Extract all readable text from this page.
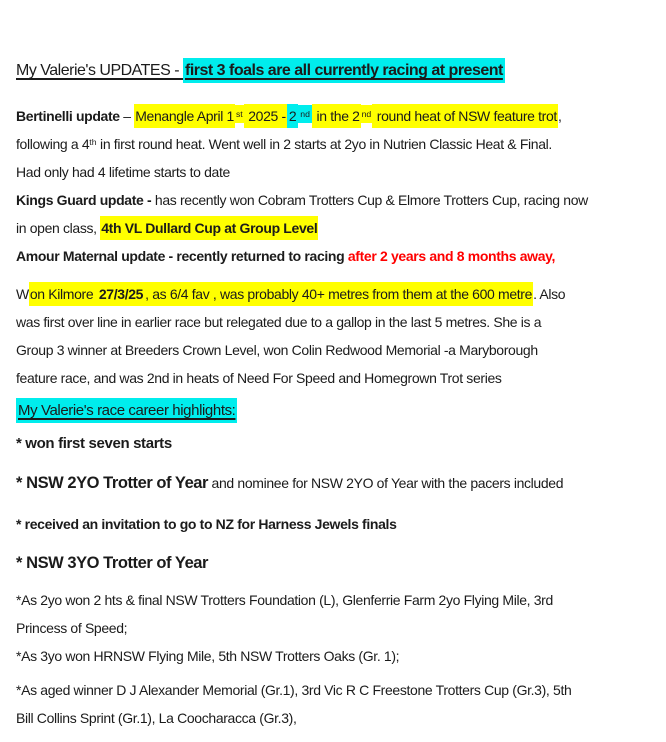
My Valerie's UPDATES - first 3 foals are all currently racing at present
Bertinelli update – Menangle April 1 $^{st}$ 2025 - 2 $^{nd}$ in the 2 $^{nd}$ round heat of NSW feature trot,
following a 4th in first round heat. Went well in 2 starts at 2yo in Nutrien Classic Heat & Final.
Had only had 4 lifetime starts to date
Kings Guard update - has recently won Cobram Trotters Cup & Elmore Trotters Cup, racing now
in open class, 4th VL Dullard Cup at Group Level
Amour Maternal update - recently returned to racing after 2 years and 8 months away,
Won Kilmore 27/3/25 , as 6/4 fav , was probably 40+ metres from them at the 600 metre. Also
was first over line in earlier race but relegated due to a gallop in the last 5 metres. She is a
Group 3 winner at Breeders Crown Level, won Colin Redwood Memorial -a Maryborough
feature race, and was 2nd in heats of Need For Speed and Homegrown Trot series
My Valerie's race career highlights:
* won first seven starts
* NSW 2YO Trotter of Year and nominee for NSW 2YO of Year with the pacers included
* received an invitation to go to NZ for Harness Jewels finals
* NSW 3YO Trotter of Year
*As 2yo won 2 hts & final NSW Trotters Foundation (L), Glenferrie Farm 2yo Flying Mile, 3rd
Princess of Speed;
*As 3yo won HRNSW Flying Mile, 5th NSW Trotters Oaks (Gr. 1);
*As aged winner D J Alexander Memorial (Gr.1), 3rd Vic R C Freestone Trotters Cup (Gr.3), 5th
Bill Collins Sprint (Gr.1), La Coocharacca (Gr.3),
